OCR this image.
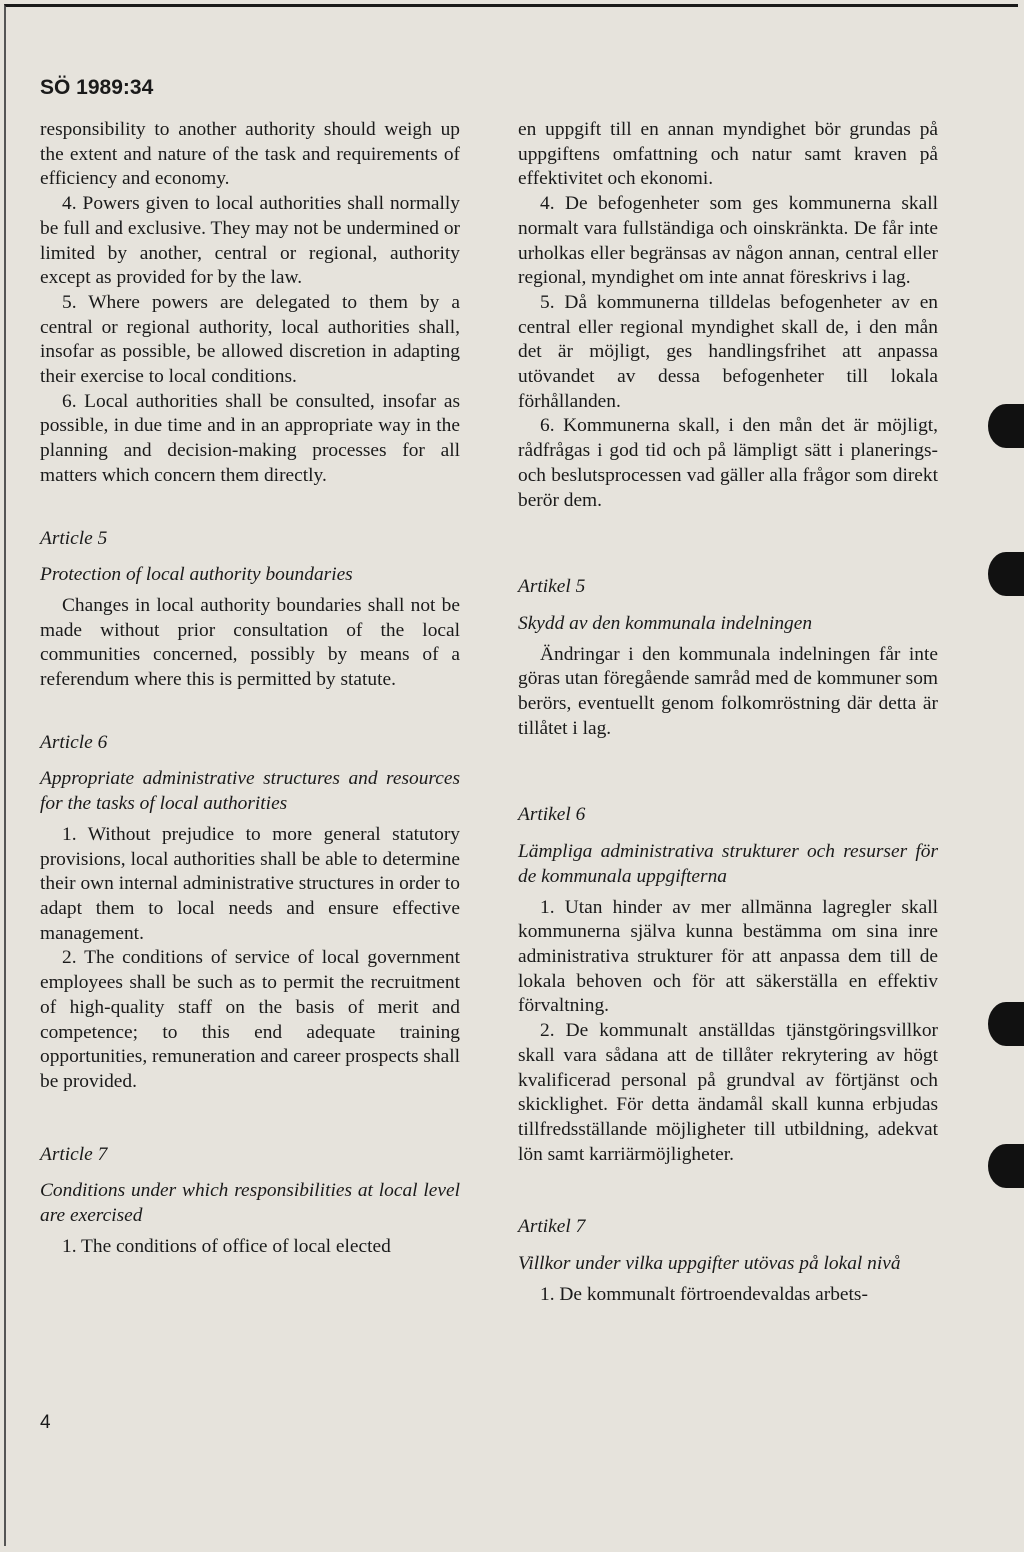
SÖ 1989:34

responsibility to another authority should weigh up the extent and nature of the task and requirements of efficiency and economy.

4. Powers given to local authorities shall normally be full and exclusive. They may not be undermined or limited by another, central or regional, authority except as provided for by the law.

5. Where powers are delegated to them by a central or regional authority, local authorities shall, insofar as possible, be allowed discretion in adapting their exercise to local conditions.

6. Local authorities shall be consulted, insofar as possible, in due time and in an appropriate way in the planning and decision-making processes for all matters which concern them directly.

Article 5

Protection of local authority boundaries

Changes in local authority boundaries shall not be made without prior consultation of the local communities concerned, possibly by means of a referendum where this is permitted by statute.

Article 6

Appropriate administrative structures and resources for the tasks of local authorities

1. Without prejudice to more general statutory provisions, local authorities shall be able to determine their own internal administrative structures in order to adapt them to local needs and ensure effective management.

2. The conditions of service of local government employees shall be such as to permit the recruitment of high-quality staff on the basis of merit and competence; to this end adequate training opportunities, remuneration and career prospects shall be provided.

Article 7

Conditions under which responsibilities at local level are exercised

1. The conditions of office of local elected

en uppgift till en annan myndighet bör grundas på uppgiftens omfattning och natur samt kraven på effektivitet och ekonomi.

4. De befogenheter som ges kommunerna skall normalt vara fullständiga och oinskränkta. De får inte urholkas eller begränsas av någon annan, central eller regional, myndighet om inte annat föreskrivs i lag.

5. Då kommunerna tilldelas befogenheter av en central eller regional myndighet skall de, i den mån det är möjligt, ges handlingsfrihet att anpassa utövandet av dessa befogenheter till lokala förhållanden.

6. Kommunerna skall, i den mån det är möjligt, rådfrågas i god tid och på lämpligt sätt i planerings- och beslutsprocessen vad gäller alla frågor som direkt berör dem.

Artikel 5

Skydd av den kommunala indelningen

Ändringar i den kommunala indelningen får inte göras utan föregående samråd med de kommuner som berörs, eventuellt genom folkomröstning där detta är tillåtet i lag.

Artikel 6

Lämpliga administrativa strukturer och resurser för de kommunala uppgifterna

1. Utan hinder av mer allmänna lagregler skall kommunerna själva kunna bestämma om sina inre administrativa strukturer för att anpassa dem till de lokala behoven och för att säkerställa en effektiv förvaltning.

2. De kommunalt anställdas tjänstgöringsvillkor skall vara sådana att de tillåter rekrytering av högt kvalificerad personal på grundval av förtjänst och skicklighet. För detta ändamål skall kunna erbjudas tillfredsställande möjligheter till utbildning, adekvat lön samt karriärmöjligheter.

Artikel 7

Villkor under vilka uppgifter utövas på lokal nivå

1. De kommunalt förtroendevaldas arbets-

4
